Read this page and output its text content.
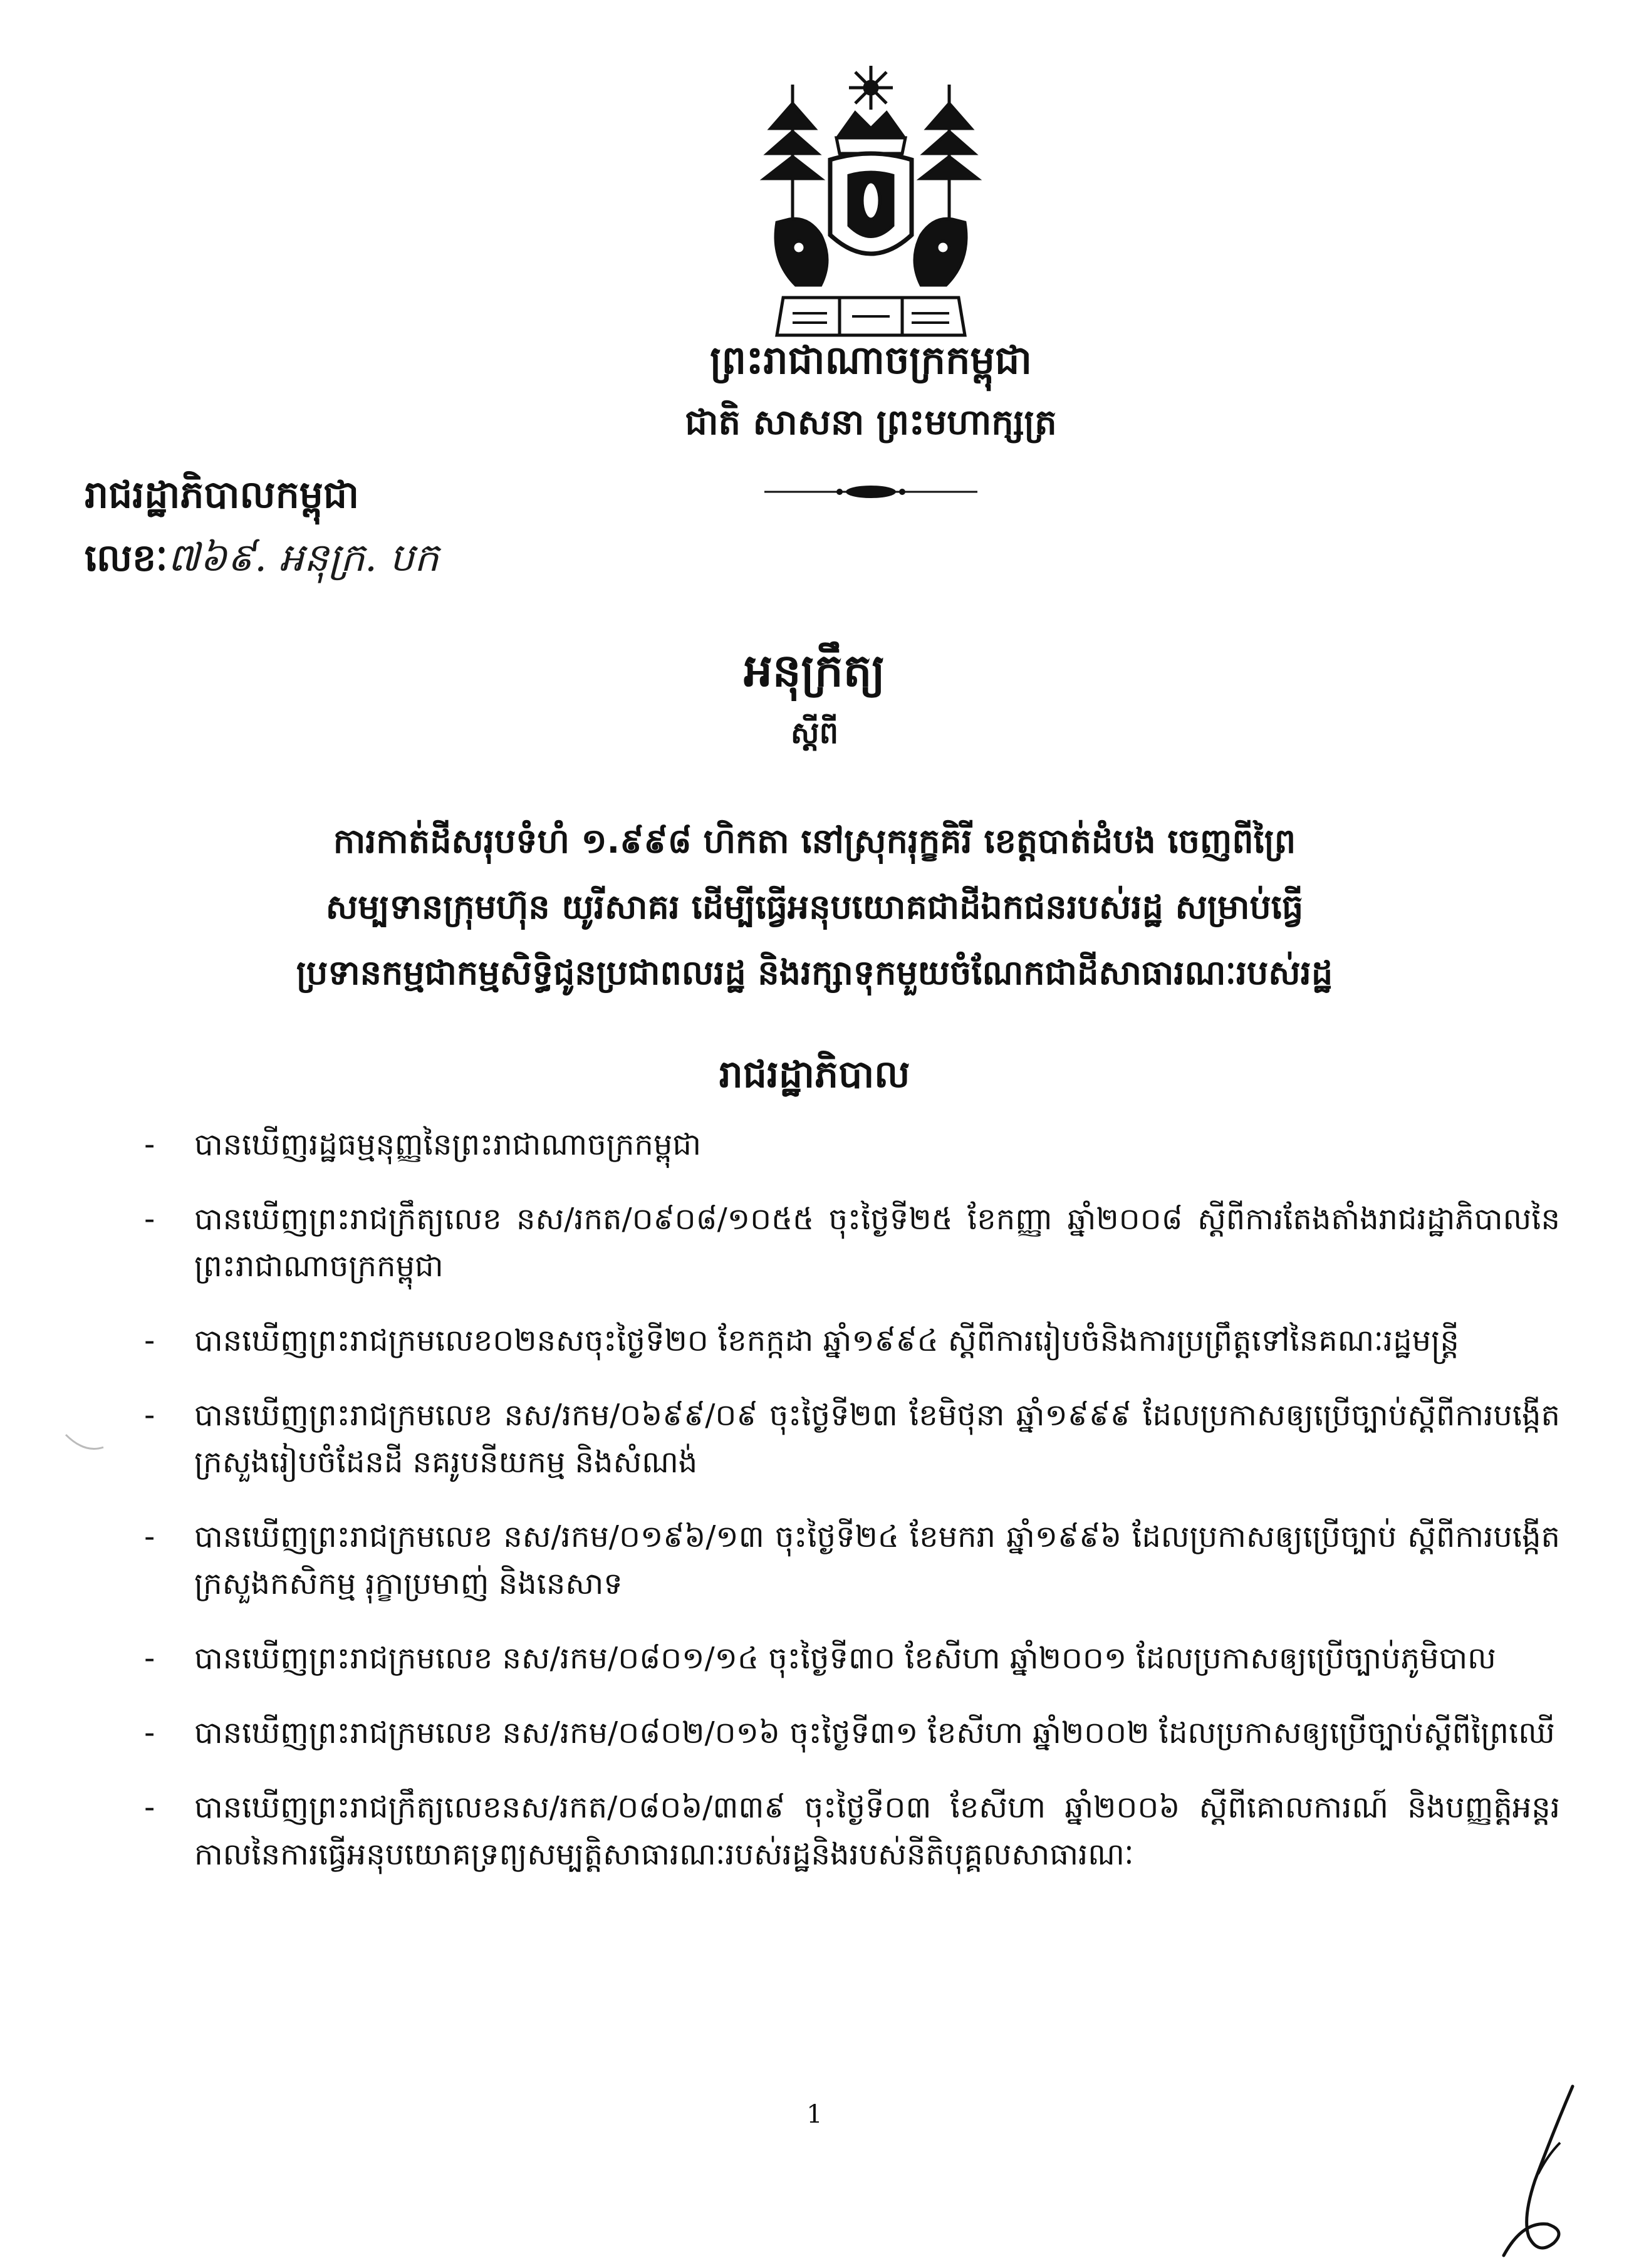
ព្រះរាជាណាចក្រកម្ពុជា
ជាតិ សាសនា ព្រះមហាក្សត្រ
រាជរដ្ឋាភិបាលកម្ពុជា
លេខៈ៧៦៩. អនុក្រ. បក
អនុក្រឹត្យ
ស្តីពី
ការកាត់ដីសរុបទំហំ ១.៩៩៨ ហិកតា នៅស្រុករុក្ខគិរី ខេត្តបាត់ដំបង ចេញពីព្រៃ
សម្បទានក្រុមហ៊ុន យូរីសាគរ ដើម្បីធ្វើអនុបយោគជាដីឯកជនរបស់រដ្ឋ សម្រាប់ធ្វើ
ប្រទានកម្មជាកម្មសិទ្ធិជូនប្រជាពលរដ្ឋ និងរក្សាទុកមួយចំណែកជាដីសាធារណៈរបស់រដ្ឋ
រាជរដ្ឋាភិបាល
- បានឃើញរដ្ឋធម្មនុញ្ញនៃព្រះរាជាណាចក្រកម្ពុជា
- បានឃើញព្រះរាជក្រឹត្យលេខ នស/រកត/០៩០៨/១០៥៥ ចុះថ្ងៃទី២៥ ខែកញ្ញា ឆ្នាំ២០០៨ ស្តីពីការតែងតាំងរាជរដ្ឋាភិបាលនៃព្រះរាជាណាចក្រកម្ពុជា
- បានឃើញព្រះរាជក្រមលេខ០២នសចុះថ្ងៃទី២០ ខែកក្កដា ឆ្នាំ១៩៩៤ ស្តីពីការរៀបចំនិងការប្រព្រឹត្តទៅនៃគណៈរដ្ឋមន្ត្រី
- បានឃើញព្រះរាជក្រមលេខ នស/រកម/០៦៩៩/០៩ ចុះថ្ងៃទី២៣ ខែមិថុនា ឆ្នាំ១៩៩៩ ដែលប្រកាសឲ្យប្រើច្បាប់ស្តីពីការបង្កើតក្រសួងរៀបចំដែនដី នគរូបនីយកម្ម និងសំណង់
- បានឃើញព្រះរាជក្រមលេខ នស/រកម/០១៩៦/១៣ ចុះថ្ងៃទី២៤ ខែមករា ឆ្នាំ១៩៩៦ ដែលប្រកាសឲ្យប្រើច្បាប់ ស្តីពីការបង្កើតក្រសួងកសិកម្ម រុក្ខាប្រមាញ់ និងនេសាទ
- បានឃើញព្រះរាជក្រមលេខ នស/រកម/០៨០១/១៤ ចុះថ្ងៃទី៣០ ខែសីហា ឆ្នាំ២០០១ ដែលប្រកាសឲ្យប្រើច្បាប់ភូមិបាល
- បានឃើញព្រះរាជក្រមលេខ នស/រកម/០៨០២/០១៦ ចុះថ្ងៃទី៣១ ខែសីហា ឆ្នាំ២០០២ ដែលប្រកាសឲ្យប្រើច្បាប់ស្តីពីព្រៃឈើ
- បានឃើញព្រះរាជក្រឹត្យលេខនស/រកត/០៨០៦/៣៣៩ ចុះថ្ងៃទី០៣ ខែសីហា ឆ្នាំ២០០៦ ស្តីពីគោលការណ៍ និងបញ្ញត្តិអន្តរកាលនៃការធ្វើអនុបយោគទ្រព្យសម្បត្តិសាធារណៈរបស់រដ្ឋនិងរបស់នីតិបុគ្គលសាធារណៈ
1
